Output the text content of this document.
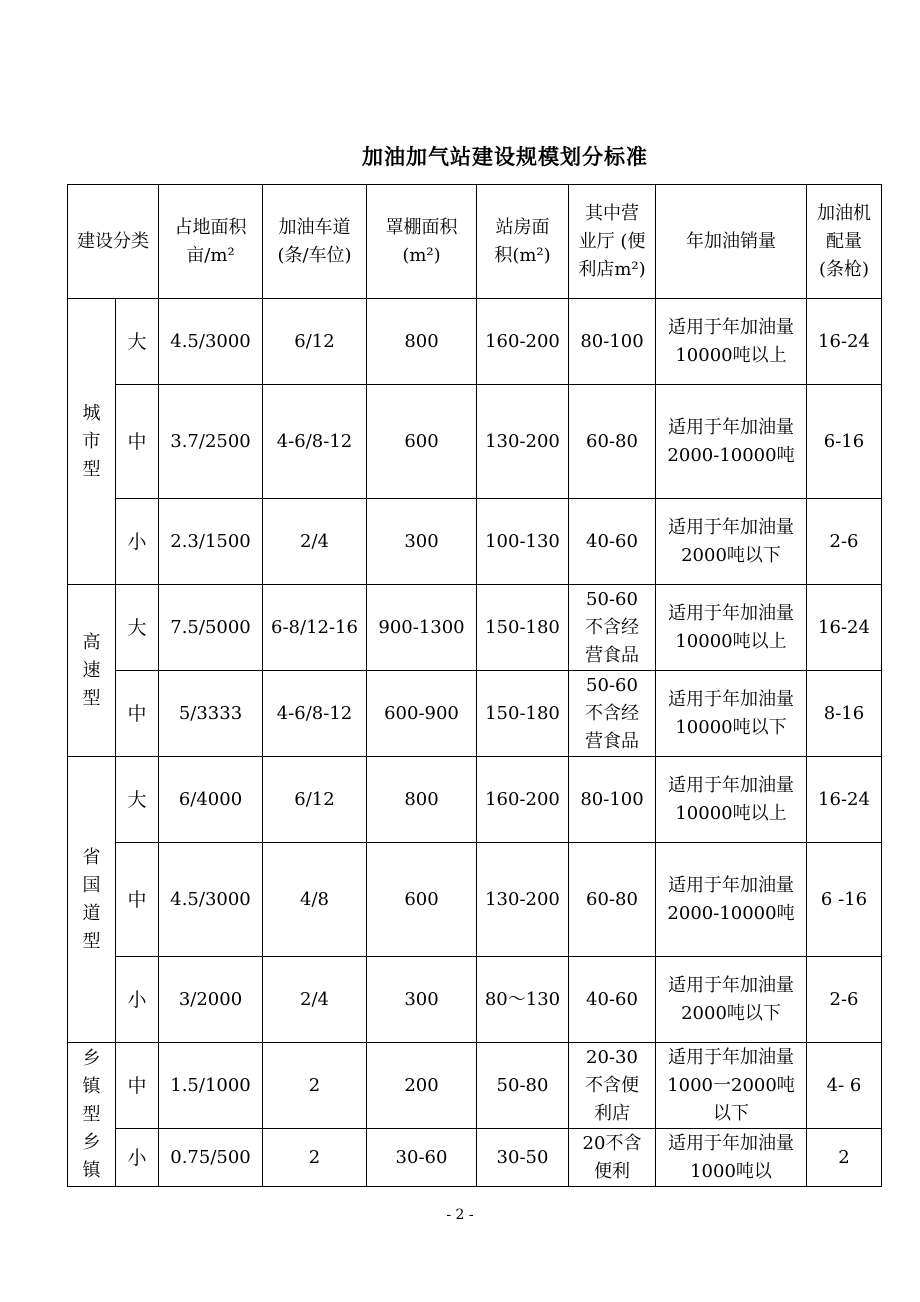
加油加气站建设规模划分标准
建设分类		占地面积 亩/m²	加油车道 (条/车位)	罩棚面积 (m²)	站房面积(m²)	其中营业厅 (便利店m²)	年加油销量	加油机配量(条枪)

城市型	大	4.5/3000	6/12	800	160-200	80-100	适用于年加油量10000吨以上	16-24

	中	3.7/2500	4-6/8-12	600	130-200	60-80	适用于年加油量 2000-10000吨	6-16

	小	2.3/1500	2/4	300	100-130	40-60	适用于年加油量2000吨以下	2-6

高速型	大	7.5/5000	6-8/12-16	900-1300	150-180	50-60 不含经营食品	适用于年加油量10000吨以上	16-24

	中	5/3333	4-6/8-12	600-900	150-180	50-60 不含经营食品	适用于年加油量10000吨以下	8-16

省国道型	大	6/4000	6/12	800	160-200	80-100	适用于年加油量10000吨以上	16-24

	中	4.5/3000	4/8	600	130-200	60-80	适用于年加油量 2000-10000吨	6 -16

	小	3/2000	2/4	300	80～130	40-60	适用于年加油量2000吨以下	2-6

乡镇型乡镇	中	1.5/1000	2	200	50-80	20-30 不含便利店	适用于年加油量1000一2000吨以下	4- 6

	小	0.75/500	2	30-60	30-50	20不含便利	适用于年加油量1000吨以	2
- 2 -
